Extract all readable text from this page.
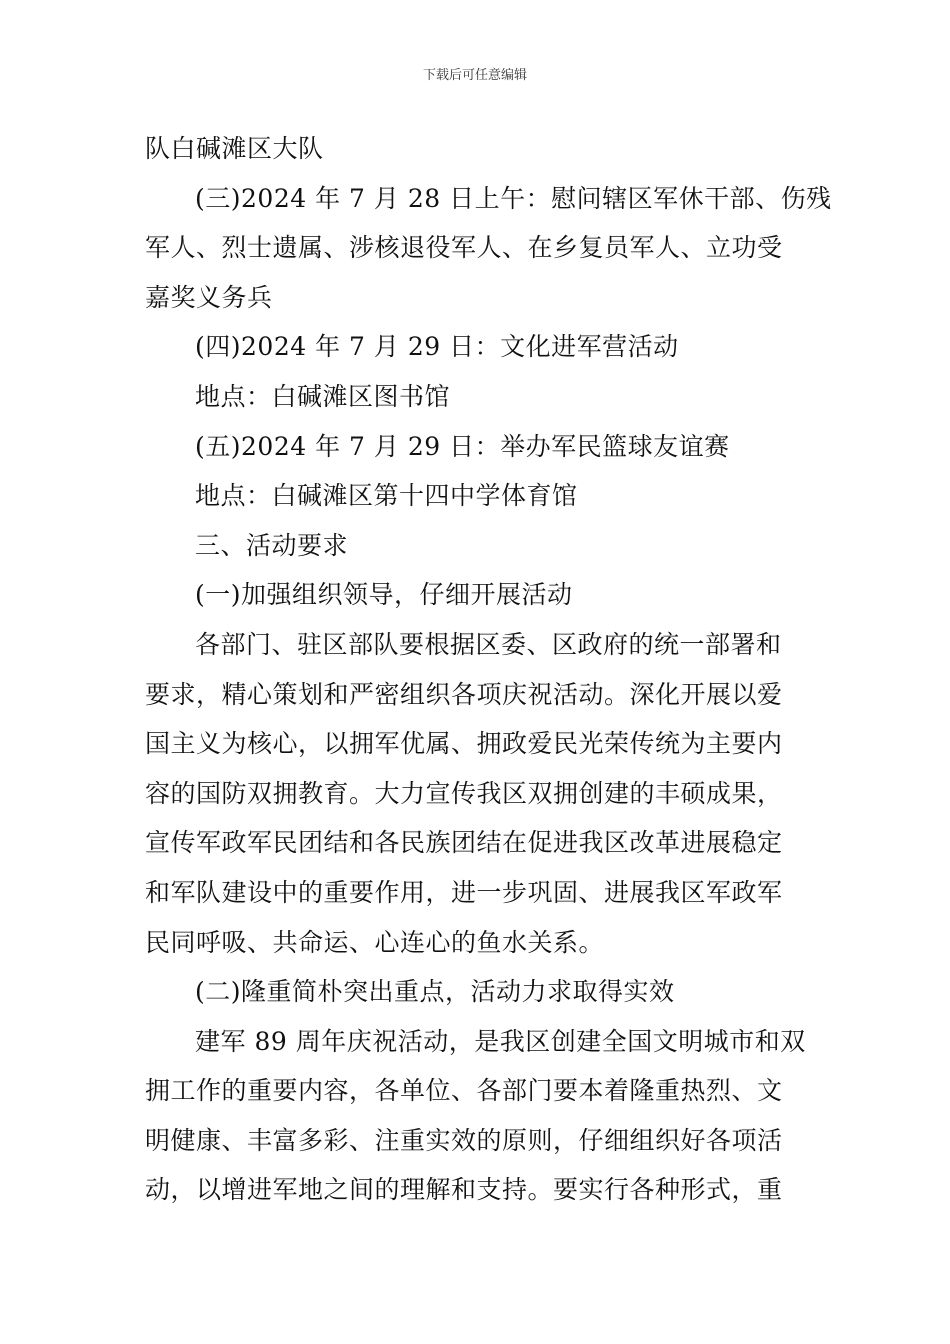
下载后可任意编辑
队白碱滩区大队
(三)2024 年 7 月 28 日上午：慰问辖区军休干部、伤残
军人、烈士遗属、涉核退役军人、在乡复员军人、立功受
嘉奖义务兵
(四)2024 年 7 月 29 日：文化进军营活动
地点：白碱滩区图书馆
(五)2024 年 7 月 29 日：举办军民篮球友谊赛
地点：白碱滩区第十四中学体育馆
三、活动要求
(一)加强组织领导，仔细开展活动
各部门、驻区部队要根据区委、区政府的统一部署和
要求，精心策划和严密组织各项庆祝活动。深化开展以爱
国主义为核心，以拥军优属、拥政爱民光荣传统为主要内
容的国防双拥教育。大力宣传我区双拥创建的丰硕成果，
宣传军政军民团结和各民族团结在促进我区改革进展稳定
和军队建设中的重要作用，进一步巩固、进展我区军政军
民同呼吸、共命运、心连心的鱼水关系。
(二)隆重简朴突出重点，活动力求取得实效
建军 89 周年庆祝活动，是我区创建全国文明城市和双
拥工作的重要内容，各单位、各部门要本着隆重热烈、文
明健康、丰富多彩、注重实效的原则，仔细组织好各项活
动，以增进军地之间的理解和支持。要实行各种形式，重
